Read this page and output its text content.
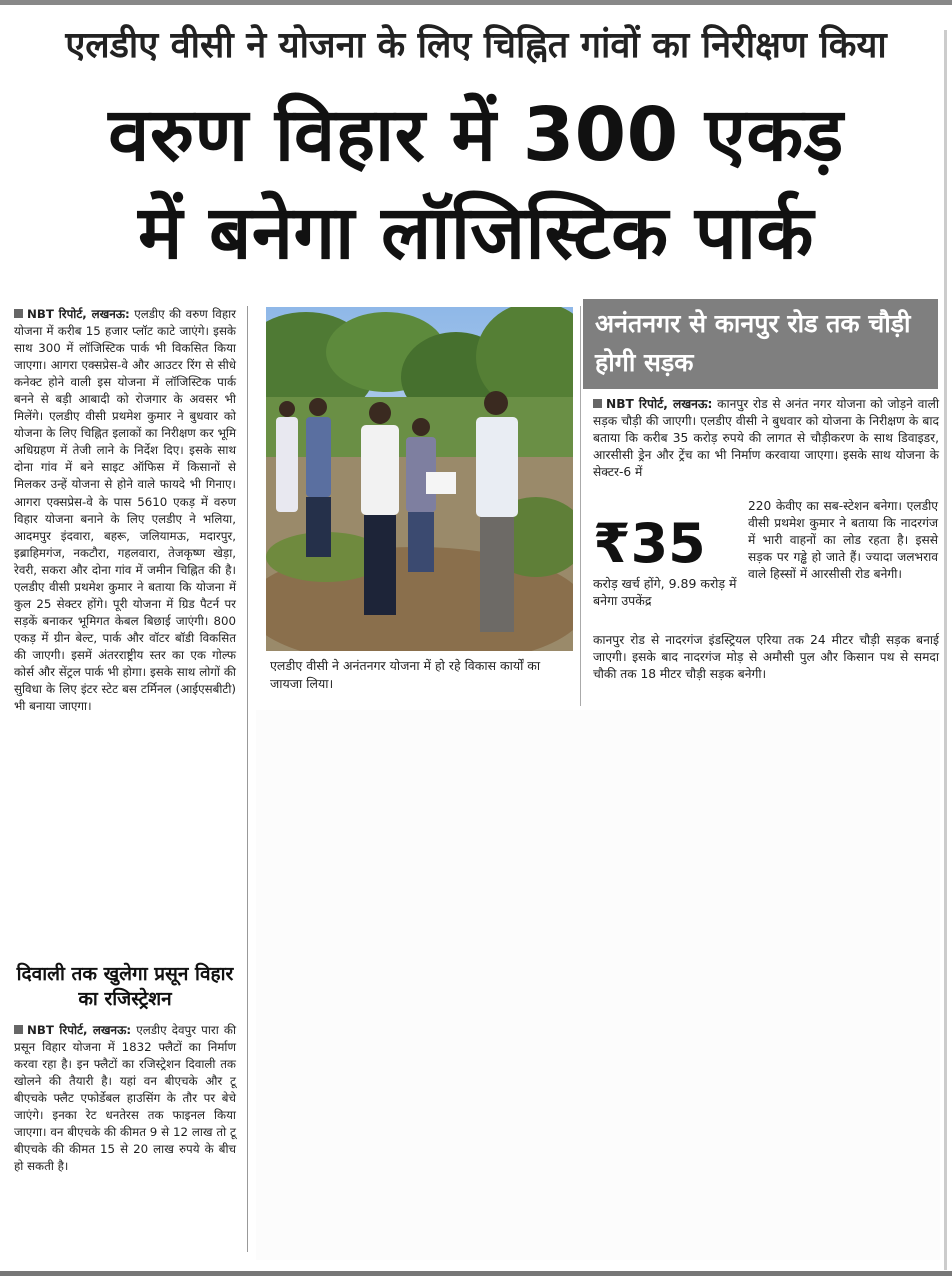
एलडीए वीसी ने योजना के लिए चिह्नित गांवों का निरीक्षण किया
वरुण विहार में 300 एकड़
में बनेगा लॉजिस्टिक पार्क

NBT रिपोर्ट, लखनऊ: एलडीए की वरुण विहार योजना में करीब 15 हजार प्लॉट काटे जाएंगे। इसके साथ 300 में लॉजिस्टिक पार्क भी विकसित किया जाएगा। आगरा एक्सप्रेस-वे और आउटर रिंग से सीधे कनेक्ट होने वाली इस योजना में लॉजिस्टिक पार्क बनने से बड़ी आबादी को रोजगार के अवसर भी मिलेंगे। एलडीए वीसी प्रथमेश कुमार ने बुधवार को योजना के लिए चिह्नित इलाकों का निरीक्षण कर भूमि अधिग्रहण में तेजी लाने के निर्देश दिए। इसके साथ दोना गांव में बने साइट ऑफिस में किसानों से मिलकर उन्हें योजना से होने वाले फायदे भी गिनाए। आगरा एक्सप्रेस-वे के पास 5610 एकड़ में वरुण विहार योजना बनाने के लिए एलडीए ने भलिया, आदमपुर इंदवारा, बहरू, जलियामऊ, मदारपुर, इब्राहिमगंज, नकटौरा, गहलवारा, तेजकृष्ण खेड़ा, रेवरी, सकरा और दोना गांव में जमीन चिह्नित की है। एलडीए वीसी प्रथमेश कुमार ने बताया कि योजना में कुल 25 सेक्टर होंगे। पूरी योजना में ग्रिड पैटर्न पर सड़कें बनाकर भूमिगत केबल बिछाई जाएंगी। 800 एकड़ में ग्रीन बेल्ट, पार्क और वॉटर बॉडी विकसित की जाएगी। इसमें अंतरराष्ट्रीय स्तर का एक गोल्फ कोर्स और सेंट्रल पार्क भी होगा। इसके साथ लोगों की सुविधा के लिए इंटर स्टेट बस टर्मिनल (आईएसबीटी) भी बनाया जाएगा।

दिवाली तक खुलेगा प्रसून विहार का रजिस्ट्रेशन

NBT रिपोर्ट, लखनऊ: एलडीए देवपुर पारा की प्रसून विहार योजना में 1832 फ्लैटों का निर्माण करवा रहा है। इन फ्लैटों का रजिस्ट्रेशन दिवाली तक खोलने की तैयारी है। यहां वन बीएचके और टू बीएचके फ्लैट एफोर्डेबल हाउसिंग के तौर पर बेचे जाएंगे। इनका रेट धनतेरस तक फाइनल किया जाएगा। वन बीएचके की कीमत 9 से 12 लाख तो टू बीएचके की कीमत 15 से 20 लाख रुपये के बीच हो सकती है।

एलडीए वीसी ने अनंतनगर योजना में हो रहे विकास कार्यों का जायजा लिया।
अनंतनगर से कानपुर रोड तक चौड़ी होगी सड़क

NBT रिपोर्ट, लखनऊ: कानपुर रोड से अनंत नगर योजना को जोड़ने वाली सड़क चौड़ी की जाएगी। एलडीए वीसी ने बुधवार को योजना के निरीक्षण के बाद बताया कि करीब 35 करोड़ रुपये की लागत से चौड़ीकरण के साथ डिवाइडर, आरसीसी ड्रेन और ट्रेंच का भी निर्माण करवाया जाएगा। इसके साथ योजना के सेक्टर-6 में

₹35
करोड़ खर्च होंगे, 9.89 करोड़ में बनेगा उपकेंद्र

220 केवीए का सब-स्टेशन बनेगा। एलडीए वीसी प्रथमेश कुमार ने बताया कि नादरगंज में भारी वाहनों का लोड रहता है। इससे सड़क पर गड्ढे हो जाते हैं। ज्यादा जलभराव वाले हिस्सों में आरसीसी रोड बनेगी।

कानपुर रोड से नादरगंज इंडस्ट्रियल एरिया तक 24 मीटर चौड़ी सड़क बनाई जाएगी। इसके बाद नादरगंज मोड़ से अमौसी पुल और किसान पथ से समदा चौकी तक 18 मीटर चौड़ी सड़क बनेगी।
